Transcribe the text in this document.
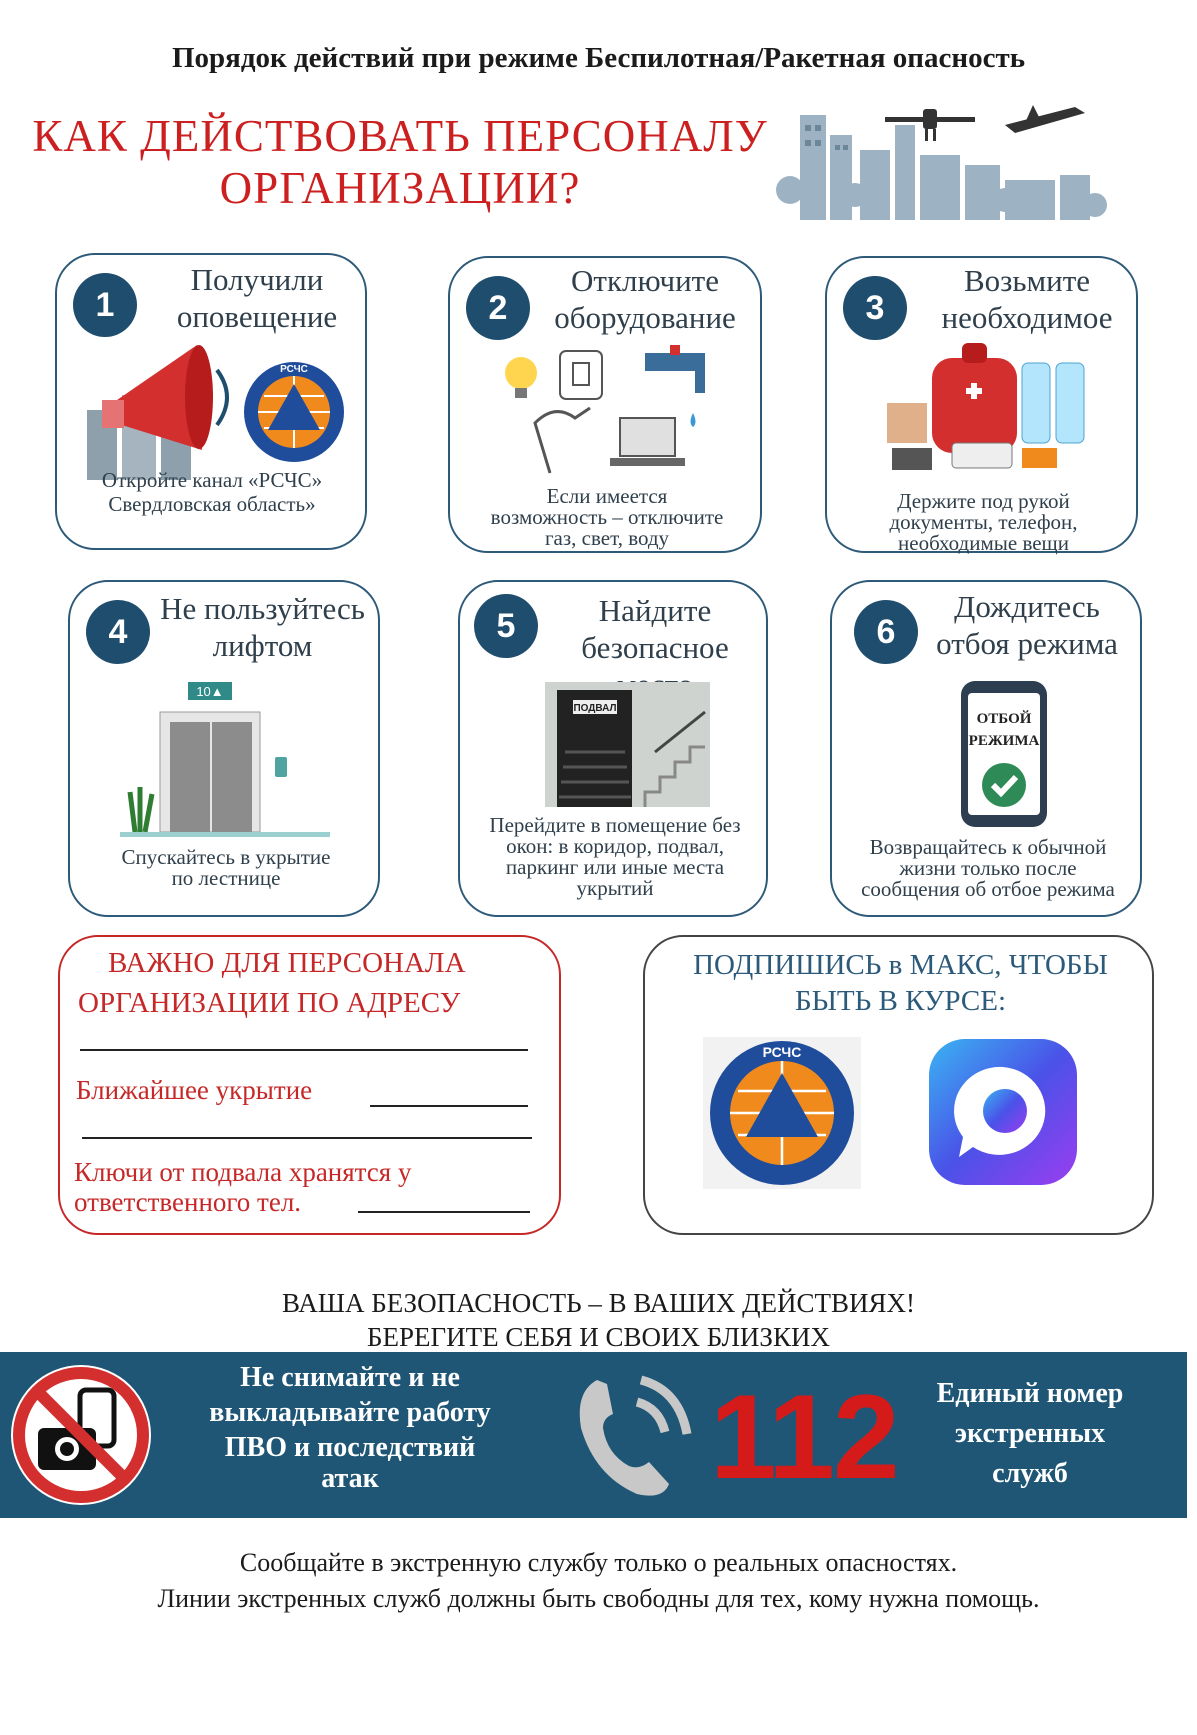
Порядок действий при режиме Беспилотная/Ракетная опасность
КАК ДЕЙСТВОВАТЬ ПЕРСОНАЛУ
ОРГАНИЗАЦИИ?
1
Получили
оповещение
РСЧС
Откройте канал «РСЧС»
Свердловская область»
2
Отключите
оборудование
Если имеется
возможность – отключите
газ, свет, воду
3
Возьмите
необходимое
Держите под рукой
документы, телефон,
необходимые вещи
4
Не пользуйтесь
лифтом
10▲
Спускайтесь в укрытие
по лестнице
5	Найдите
безопасное
ПОДВАЛ
Перейдите в помещение без
окон: в коридор, подвал,
паркинг или иные места
укрытий
6
Дождитесь
отбоя режима
ОТБОЙ
РЕЖИМА
Возвращайтесь к обычной
жизни только после
сообщения об отбое режима
ВАЖНО ДЛЯ ПЕРСОНАЛА
ОРГАНИЗАЦИИ ПО АДРЕСУ
Ближайшее укрытие
Ключи от подвала хранятся у
ответственного тел.
ПОДПИШИСЬ в МАКС, ЧТОБЫ
БЫТЬ В КУРСЕ:
РСЧС
ВАША БЕЗОПАСНОСТЬ – В ВАШИХ ДЕЙСТВИЯХ!
БЕРЕГИТЕ СЕБЯ И СВОИХ БЛИЗКИХ
Не снимайте и не
выкладывайте работу
ПВО и последствий
атак
Единый номер
экстренных
служб
112
Сообщайте в экстренную службу только о реальных опасностях.
Линии экстренных служб должны быть свободны для тех, кому нужна помощь.
